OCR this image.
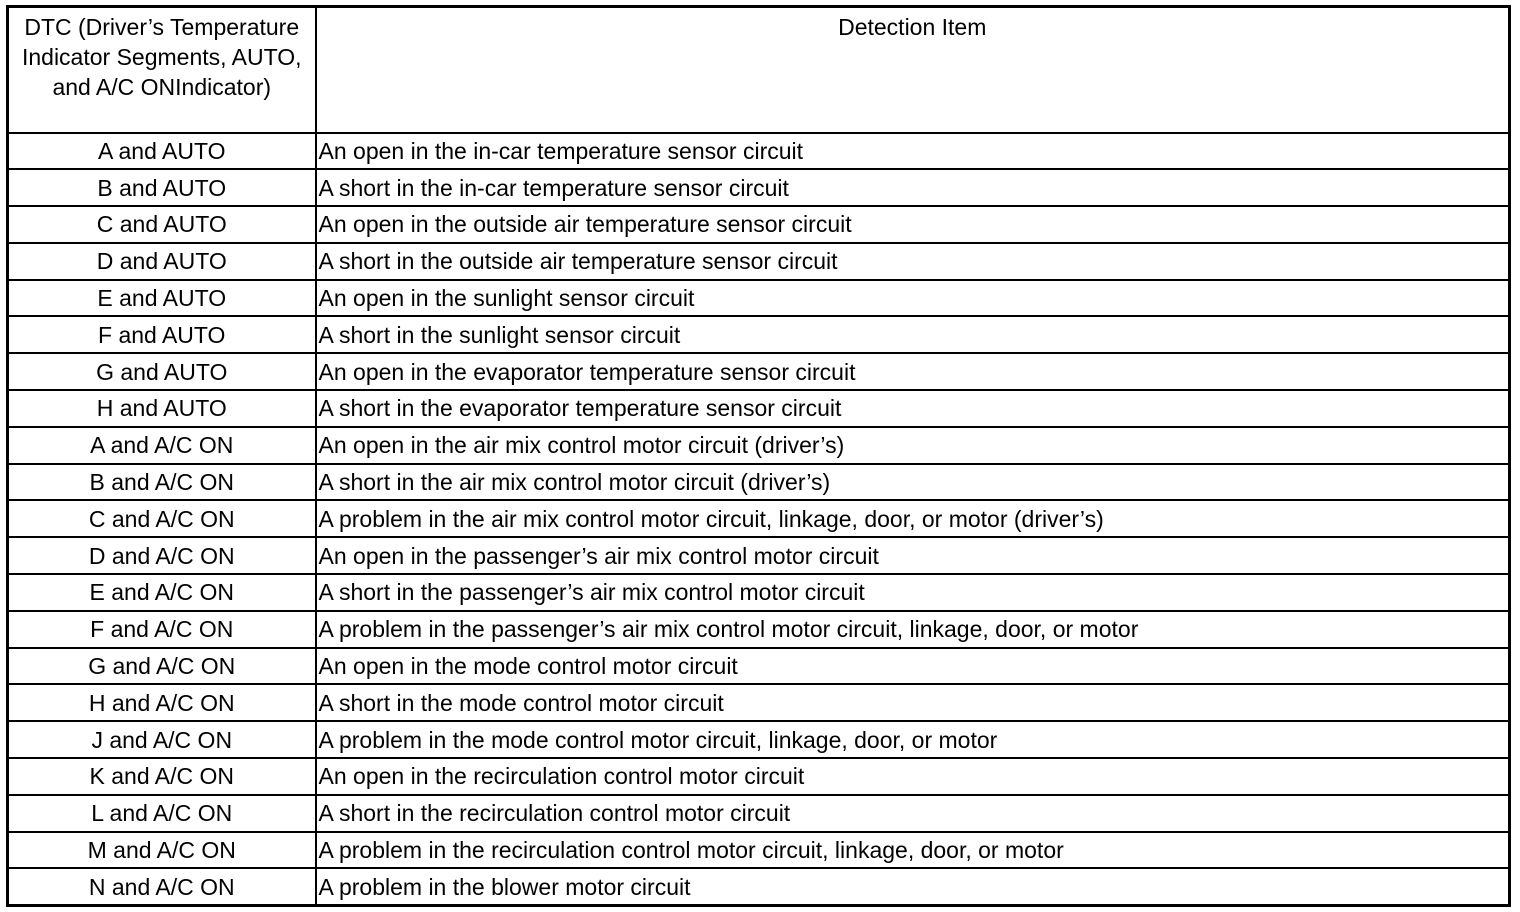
DTC (Driver’s Temperature Indicator Segments, AUTO, and A/C ONIndicator)	Detection Item
A and AUTO	An open in the in-car temperature sensor circuit
B and AUTO	A short in the in-car temperature sensor circuit
C and AUTO	An open in the outside air temperature sensor circuit
D and AUTO	A short in the outside air temperature sensor circuit
E and AUTO	An open in the sunlight sensor circuit
F and AUTO	A short in the sunlight sensor circuit
G and AUTO	An open in the evaporator temperature sensor circuit
H and AUTO	A short in the evaporator temperature sensor circuit
A and A/C ON	An open in the air mix control motor circuit (driver’s)
B and A/C ON	A short in the air mix control motor circuit (driver’s)
C and A/C ON	A problem in the air mix control motor circuit, linkage, door, or motor (driver’s)
D and A/C ON	An open in the passenger’s air mix control motor circuit
E and A/C ON	A short in the passenger’s air mix control motor circuit
F and A/C ON	A problem in the passenger’s air mix control motor circuit, linkage, door, or motor
G and A/C ON	An open in the mode control motor circuit
H and A/C ON	A short in the mode control motor circuit
J and A/C ON	A problem in the mode control motor circuit, linkage, door, or motor
K and A/C ON	An open in the recirculation control motor circuit
L and A/C ON	A short in the recirculation control motor circuit
M and A/C ON	A problem in the recirculation control motor circuit, linkage, door, or motor
N and A/C ON	A problem in the blower motor circuit
